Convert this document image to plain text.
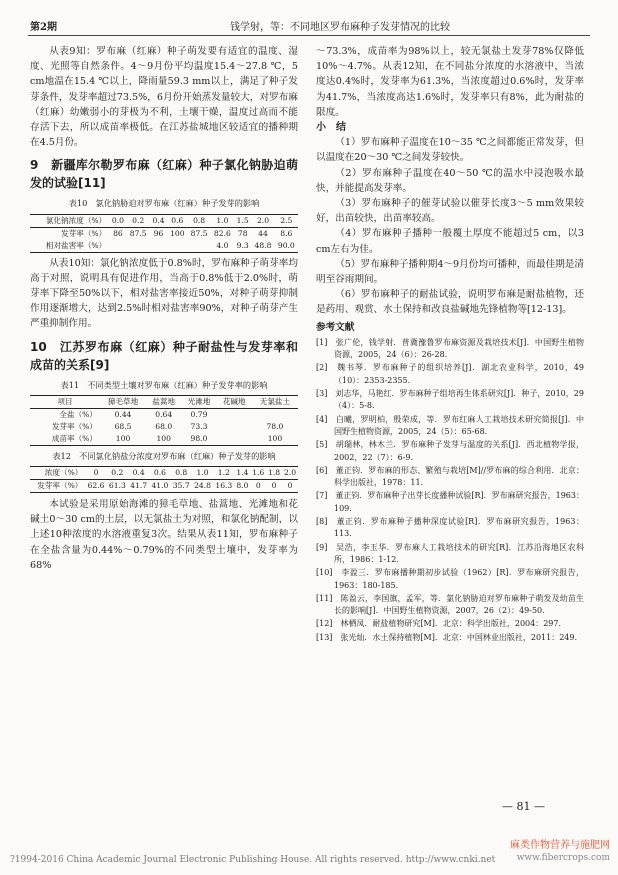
第2期	钱学射，等：不同地区罗布麻种子发芽情况的比较

从表9知：罗布麻（红麻）种子萌发要有适宜的温度、湿度、光照等自然条件。4～9月份平均温度15.4～27.8 ℃，5 cm地温在15.4 ℃以上，降雨量59.3 mm以上，满足了种子发芽条件，发芽率超过73.5%，6月份开始蒸发量较大，对罗布麻（红麻）幼嫩弱小的芽极为不利，土壤干燥，温度过高而不能存活下去，所以成苗率极低。在江苏盐城地区较适宜的播种期在4.5月份。

9　新疆库尔勒罗布麻（红麻）种子氯化钠胁迫萌发的试验[11]
表10　氯化钠胁迫对罗布麻（红麻）种子发芽的影响
氯化钠浓度（%）	0.0	0.2	0.4	0.6	0.8	1.0	1.5	2.0	2.5
发芽率（%）	86	87.5	96	100	87.5	82.6	78	44	8.6
相对盐害率（%）						4.0	9.3	48.8	90.0

从表10知：氯化钠浓度低于0.8%时，罗布麻种子萌芽率均高于对照，说明具有促进作用，当高于0.8%低于2.0%时，萌芽率下降至50%以下，相对盐害率接近50%，对种子萌芽抑制作用逐渐增大，达到2.5%时相对盐害率90%，对种子萌芽产生严重抑制作用。

10　江苏罗布麻（红麻）种子耐盐性与发芽率和成苗的关系[9]
表11　不同类型土壤对罗布麻（红麻）种子发芽率的影响
项目	獐毛草地	盐蒿地	光滩地	花碱地	无氯盐土
全盐（%）	0.44	0.64	0.79		
发芽率（%）	68.5	68.0	73.3		78.0
成苗率（%）	100	100	98.0		100
表12　不同氯化钠盐分浓度对罗布麻（红麻）种子发芽的影响
浓度（%）	0	0.2	0.4	0.6	0.8	1.0	1.2	1.4	1.6	1.8	2.0
发芽率（%）	62.6	61.3	41.7	41.0	35.7	24.8	16.3	8.0	0	0	0

本试验是采用原始海滩的獐毛草地、盐蒿地、光滩地和花碱土0～30 cm的土层，以无氯盐土为对照，和氯化钠配制，以上述10种浓度的水溶液重复3次。结果从表11知，罗布麻种子在全盐含量为0.44%～0.79%的不同类型土壤中，发芽率为68%

～73.3%，成苗率为98%以上，较无氯盐土发芽78%仅降低10%～4.7%。从表12知，在不同盐分浓度的水溶液中，当浓度达0.4%时，发芽率为61.3%，当浓度超过0.6%时，发芽率为41.7%，当浓度高达1.6%时，发芽率只有8%，此为耐盐的限度。

小　结

（1）罗布麻种子温度在10～35 ℃之间都能正常发芽，但以温度在20～30 ℃之间发芽较快。

（2）罗布麻种子温度在40～50 ℃的温水中浸泡吸水最快，并能提高发芽率。

（3）罗布麻种子的催芽试验以催芽长度3～5 mm效果较好，出苗较快，出苗率较高。

（4）罗布麻种子播种一般覆土厚度不能超过5 cm，以3 cm左右为佳。

（5）罗布麻种子播种期4～9月份均可播种，而最佳期是清明至谷雨期间。

（6）罗布麻种子的耐盐试验，说明罗布麻是耐盐植物，还是药用、观赏、水土保持和改良盐碱地先锋植物等[12-13]。

参考文献

[1]　张广伦，钱学射．普冀豫鲁罗布麻资源及栽培技术[J]．中国野生植物资源，2005，24（6）：26-28.

[2]　魏书琴．罗布麻种子的组织培养[J]．湖北农业科学，2010，49（10）：2353-2355.

[3]　刘志华，马艳红．罗布麻种子组培再生体系研究[J]．种子，2010，29（4）：5-8.

[4]　白曦，罗明柏，殷荣成，等．罗布红麻人工栽培技术研究简报[J]．中国野生植物资源，2005，24（5）：65-68.

[5]　胡瑞林，林木兰．罗布麻种子发芽与温度的关系[J]．西北植物学报，2002，22（7）：6-9.

[6]　董正钧．罗布麻的形态、繁殖与栽培[M]//罗布麻的综合利用．北京：科学出版社，1978：11.

[7]　董正钧．罗布麻种子出芽长度播种试验[R]．罗布麻研究报告，1963：109.

[8]　董正钧．罗布麻种子播种深度试验[R]．罗布麻研究报告，1963：113.

[9]　吴浩，李玉华．罗布麻人工栽培技术的研究[R]．江苏沿海地区农科所，1986：1-12.

[10]　李盈三．罗布麻播种期初步试验（1962）[R]．罗布麻研究报告，1963：180-185.

[11]　陈盈云，李国旗，孟军，等．氯化钠胁迫对罗布麻种子萌发及幼苗生长的影响[J]．中国野生植物资源，2007，26（2）：49-50.

[12]　林栖凤．耐盐植物研究[M]．北京：科学出版社，2004：297.

[13]　张光灿．水土保持植物[M]．北京：中国林业出版社，2011：249.

— 81 —
?1994-2016 China Academic Journal Electronic Publishing House. All rights reserved. http://www.cnki.net
麻类作物营养与施肥网
www.fibercrops.com
